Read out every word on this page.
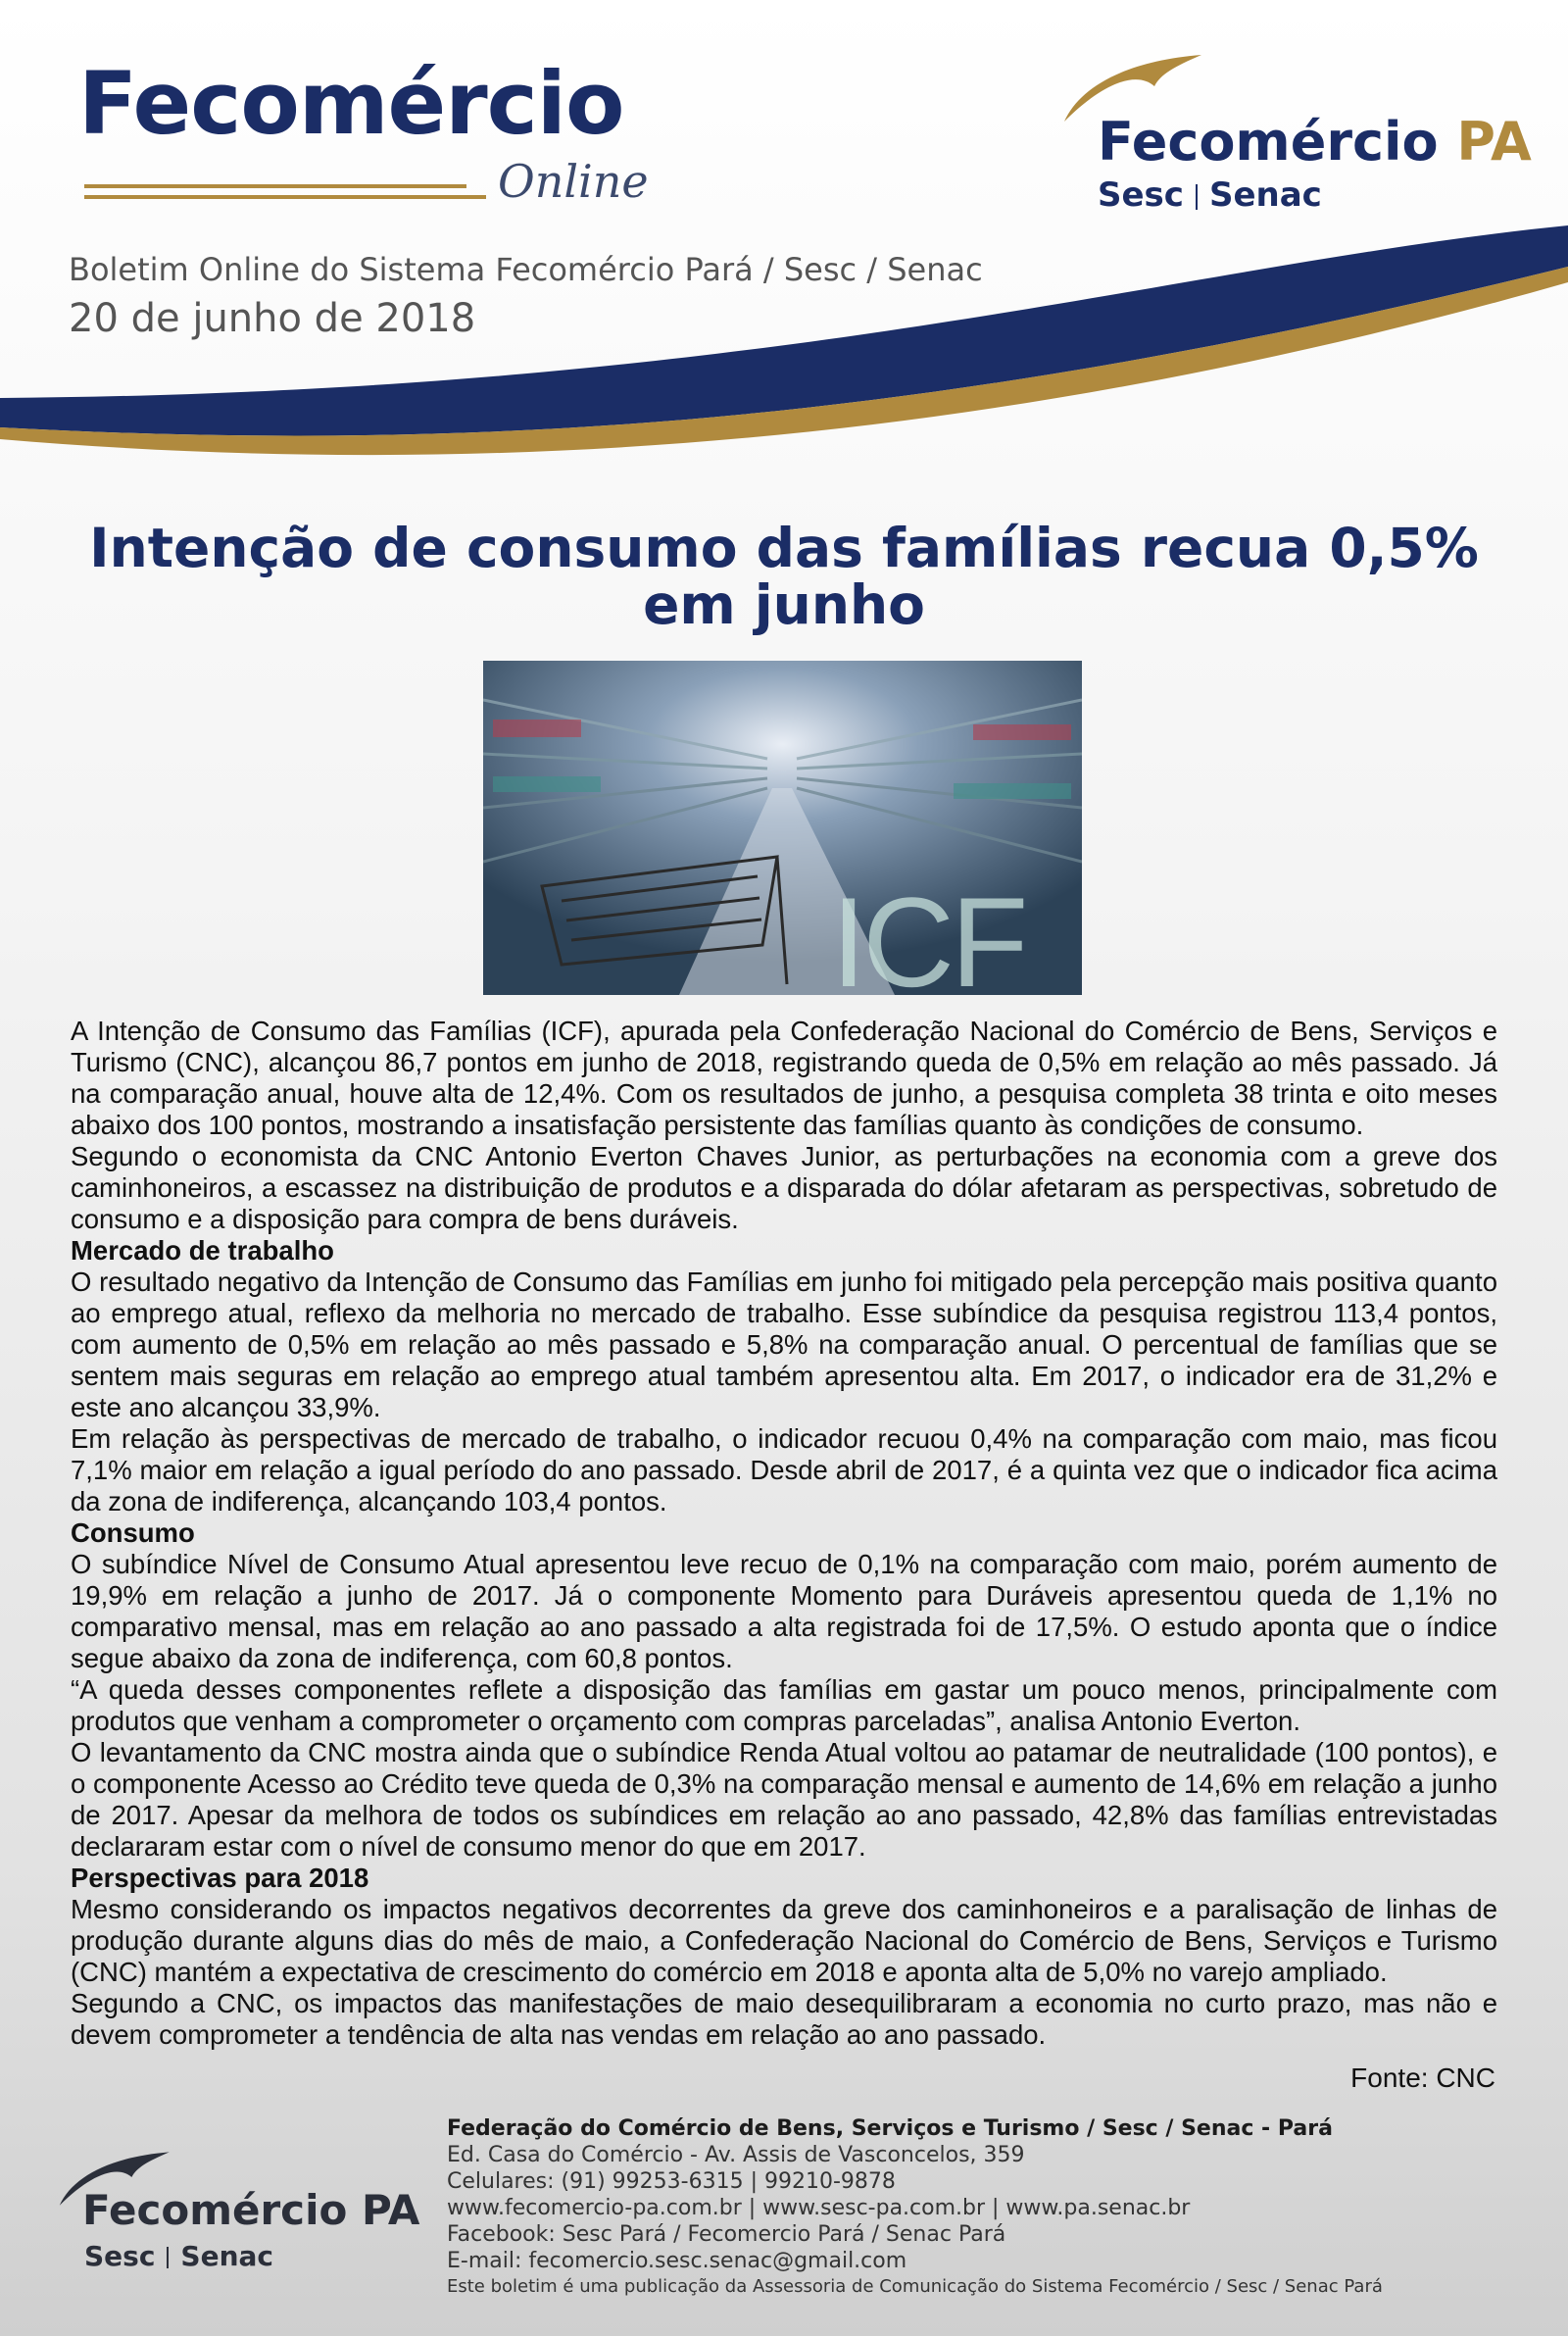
Fecomércio
Online
Fecomércio PA
Sesc Senac
Boletim Online do Sistema Fecomércio Pará / Sesc / Senac
20 de junho de 2018
Intenção de consumo das famílias recua 0,5% em junho
ICF

A Intenção de Consumo das Famílias (ICF), apurada pela Confederação Nacional do Comércio de Bens, Serviços e Turismo (CNC), alcançou 86,7 pontos em junho de 2018, registrando queda de 0,5% em relação ao mês passado. Já na comparação anual, houve alta de 12,4%. Com os resultados de junho, a pesquisa completa 38 trinta e oito meses abaixo dos 100 pontos, mostrando a insatisfação persistente das famílias quanto às condições de consumo.

Segundo o economista da CNC Antonio Everton Chaves Junior, as perturbações na economia com a greve dos caminhoneiros, a escassez na distribuição de produtos e a disparada do dólar afetaram as perspectivas, sobretudo de consumo e a disposição para compra de bens duráveis.

Mercado de trabalho

O resultado negativo da Intenção de Consumo das Famílias em junho foi mitigado pela percepção mais positiva quanto ao emprego atual, reflexo da melhoria no mercado de trabalho. Esse subíndice da pesquisa registrou 113,4 pontos, com aumento de 0,5% em relação ao mês passado e 5,8% na comparação anual. O percentual de famílias que se sentem mais seguras em relação ao emprego atual também apresentou alta. Em 2017, o indicador era de 31,2% e este ano alcançou 33,9%.

Em relação às perspectivas de mercado de trabalho, o indicador recuou 0,4% na comparação com maio, mas ficou 7,1% maior em relação a igual período do ano passado. Desde abril de 2017, é a quinta vez que o indicador fica acima da zona de indiferença, alcançando 103,4 pontos.

Consumo

O subíndice Nível de Consumo Atual apresentou leve recuo de 0,1% na comparação com maio, porém aumento de 19,9% em relação a junho de 2017. Já o componente Momento para Duráveis apresentou queda de 1,1% no comparativo mensal, mas em relação ao ano passado a alta registrada foi de 17,5%. O estudo aponta que o índice segue abaixo da zona de indiferença, com 60,8 pontos.

“A queda desses componentes reflete a disposição das famílias em gastar um pouco menos, principalmente com produtos que venham a comprometer o orçamento com compras parceladas”, analisa Antonio Everton.

O levantamento da CNC mostra ainda que o subíndice Renda Atual voltou ao patamar de neutralidade (100 pontos), e o componente Acesso ao Crédito teve queda de 0,3% na comparação mensal e aumento de 14,6% em relação a junho de 2017. Apesar da melhora de todos os subíndices em relação ao ano passado, 42,8% das famílias entrevistadas declararam estar com o nível de consumo menor do que em 2017.

Perspectivas para 2018

Mesmo considerando os impactos negativos decorrentes da greve dos caminhoneiros e a paralisação de linhas de produção durante alguns dias do mês de maio, a Confederação Nacional do Comércio de Bens, Serviços e Turismo (CNC) mantém a expectativa de crescimento do comércio em 2018 e aponta alta de 5,0% no varejo ampliado.

Segundo a CNC, os impactos das manifestações de maio desequilibraram a economia no curto prazo, mas não e devem comprometer a tendência de alta nas vendas em relação ao ano passado.

Fonte: CNC
Fecomércio PA
Sesc Senac
Federação do Comércio de Bens, Serviços e Turismo / Sesc / Senac - Pará
Ed. Casa do Comércio - Av. Assis de Vasconcelos, 359
Celulares: (91) 99253-6315 | 99210-9878
www.fecomercio-pa.com.br | www.sesc-pa.com.br | www.pa.senac.br
Facebook: Sesc Pará / Fecomercio Pará / Senac Pará
E-mail: fecomercio.sesc.senac@gmail.com
Este boletim é uma publicação da Assessoria de Comunicação do Sistema Fecomércio / Sesc / Senac Pará
